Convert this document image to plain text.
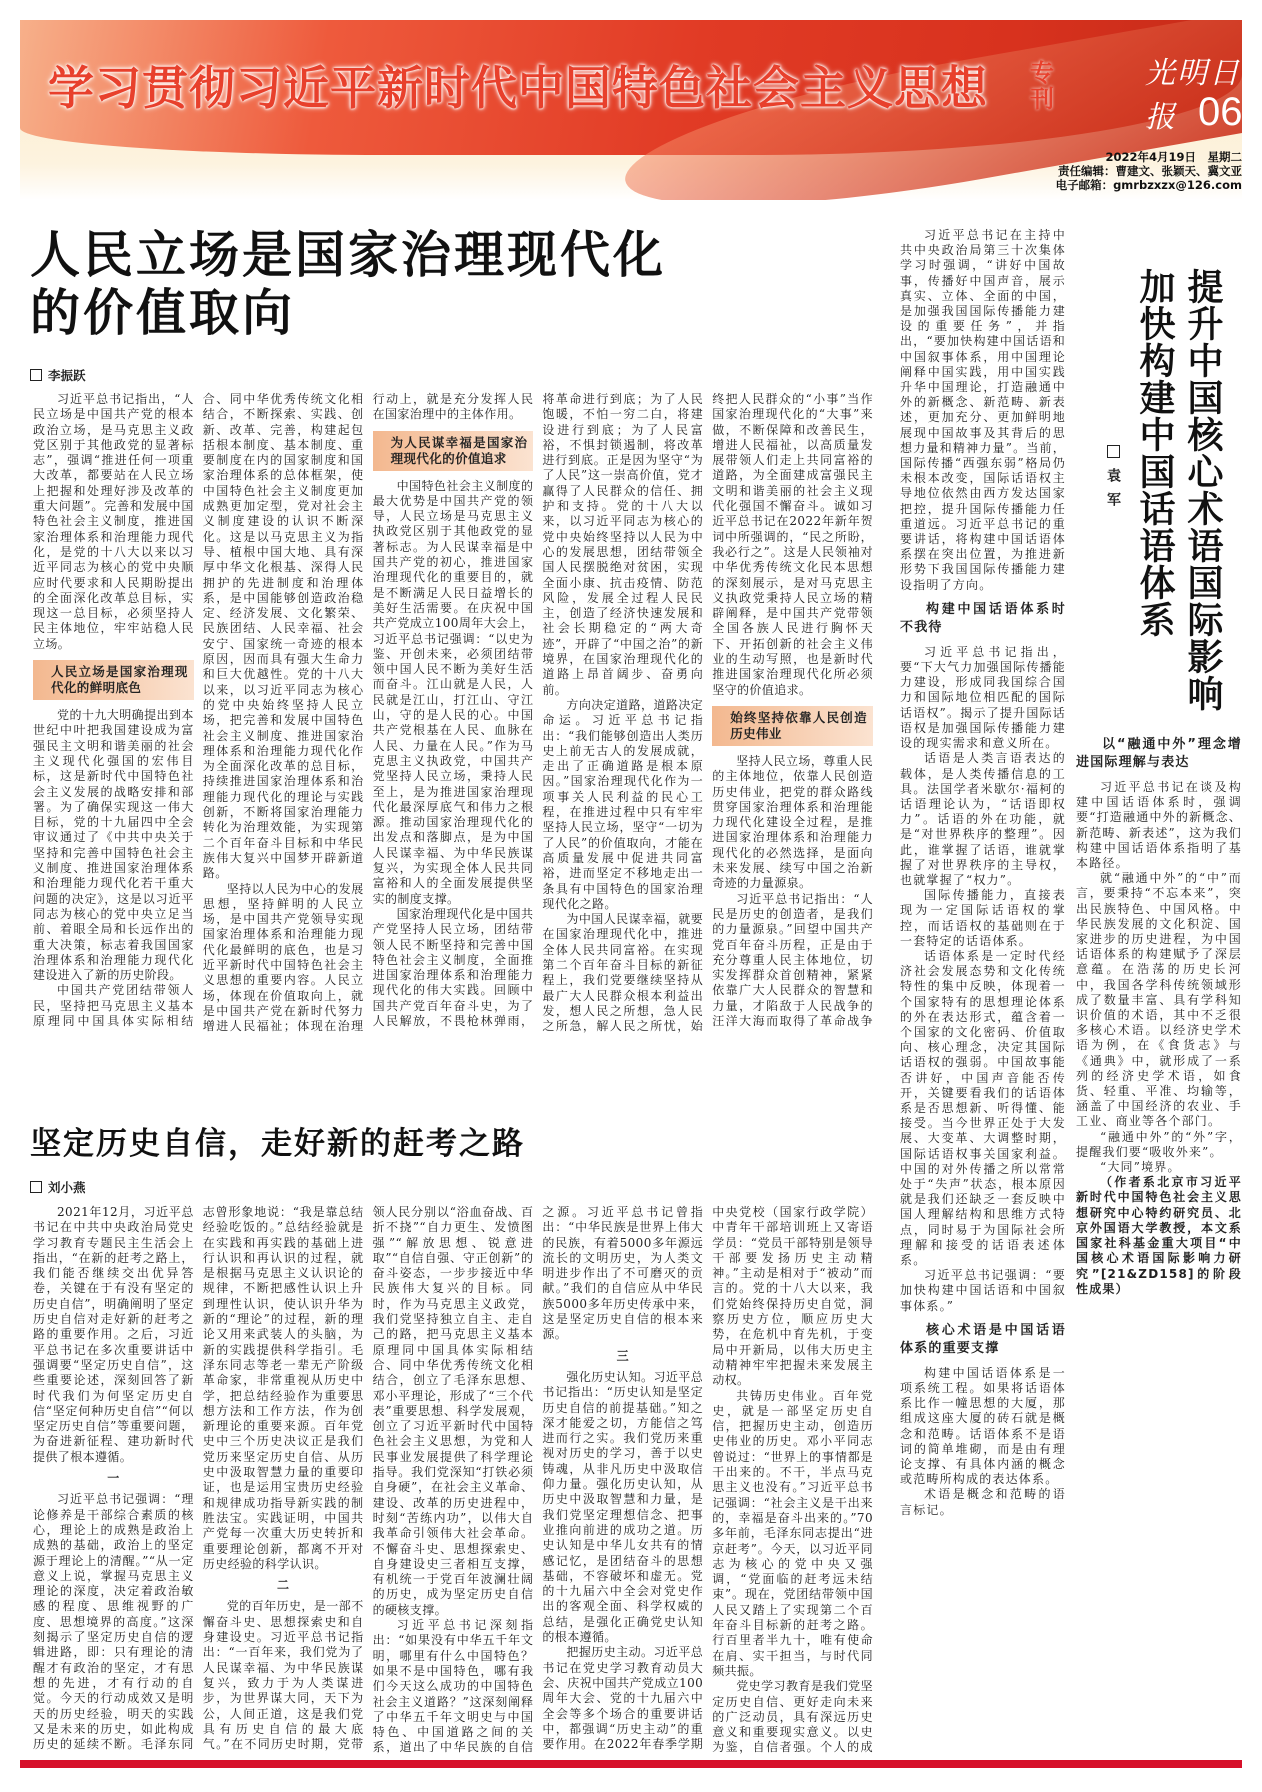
学习贯彻习近平新时代中国特色社会主义思想 专刊
光明日报 06
2022年4月19日　星期二
责任编辑：曹建文、张颖天、冀文亚
电子邮箱：gmrbzxzx@126.com
人民立场是国家治理现代化
的价值取向
李振跃

习近平总书记指出，“人民立场是中国共产党的根本政治立场，是马克思主义政党区别于其他政党的显著标志”，强调“推进任何一项重大改革，都要站在人民立场上把握和处理好涉及改革的重大问题”。完善和发展中国特色社会主义制度，推进国家治理体系和治理能力现代化，是党的十八大以来以习近平同志为核心的党中央顺应时代要求和人民期盼提出的全面深化改革总目标，实现这一总目标，必须坚持人民主体地位，牢牢站稳人民立场。

人民立场是国家治理现代化的鲜明底色

党的十九大明确提出到本世纪中叶把我国建设成为富强民主文明和谐美丽的社会主义现代化强国的宏伟目标，这是新时代中国特色社会主义发展的战略安排和部署。为了确保实现这一伟大目标，党的十九届四中全会审议通过了《中共中央关于坚持和完善中国特色社会主义制度、推进国家治理体系和治理能力现代化若干重大问题的决定》，这是以习近平同志为核心的党中央立足当前、着眼全局和长远作出的重大决策，标志着我国国家治理体系和治理能力现代化建设进入了新的历史阶段。

中国共产党团结带领人民，坚持把马克思主义基本原理同中国具体实际相结合、同中华优秀传统文化相结合，不断探索、实践、创新、改革、完善，构建起包括根本制度、基本制度、重要制度在内的国家制度和国家治理体系的总体框架，使中国特色社会主义制度更加成熟更加定型，党对社会主义制度建设的认识不断深化。这是以马克思主义为指导、植根中国大地、具有深厚中华文化根基、深得人民拥护的先进制度和治理体系，是中国能够创造政治稳定、经济发展、文化繁荣、民族团结、人民幸福、社会安宁、国家统一奇迹的根本原因，因而具有强大生命力和巨大优越性。党的十八大以来，以习近平同志为核心的党中央始终坚持人民立场，把完善和发展中国特色社会主义制度、推进国家治理体系和治理能力现代化作为全面深化改革的总目标，持续推进国家治理体系和治理能力现代化的理论与实践创新，不断将国家治理能力转化为治理效能，为实现第二个百年奋斗目标和中华民族伟大复兴中国梦开辟新道路。

坚持以人民为中心的发展思想，坚持鲜明的人民立场，是中国共产党领导实现国家治理体系和治理能力现代化最鲜明的底色，也是习近平新时代中国特色社会主义思想的重要内容。人民立场，体现在价值取向上，就是中国共产党在新时代努力增进人民福祉；体现在治理行动上，就是充分发挥人民在国家治理中的主体作用。

为人民谋幸福是国家治理现代化的价值追求

中国特色社会主义制度的最大优势是中国共产党的领导，人民立场是马克思主义执政党区别于其他政党的显著标志。为人民谋幸福是中国共产党的初心，推进国家治理现代化的重要目的，就是不断满足人民日益增长的美好生活需要。在庆祝中国共产党成立100周年大会上，习近平总书记强调：“以史为鉴、开创未来，必须团结带领中国人民不断为美好生活而奋斗。江山就是人民，人民就是江山，打江山、守江山，守的是人民的心。中国共产党根基在人民、血脉在人民、力量在人民。”作为马克思主义执政党，中国共产党坚持人民立场，秉持人民至上，是为推进国家治理现代化最深厚底气和伟力之根源。推动国家治理现代化的出发点和落脚点，是为中国人民谋幸福、为中华民族谋复兴，为实现全体人民共同富裕和人的全面发展提供坚实的制度支撑。

国家治理现代化是中国共产党坚持人民立场，团结带领人民不断坚持和完善中国特色社会主义制度，全面推进国家治理体系和治理能力现代化的伟大实践。回顾中国共产党百年奋斗史，为了人民解放，不畏枪林弹雨，将革命进行到底；为了人民饱暖，不怕一穷二白，将建设进行到底；为了人民富裕，不惧封锁遏制，将改革进行到底。正是因为坚守“为了人民”这一崇高价值，党才赢得了人民群众的信任、拥护和支持。党的十八大以来，以习近平同志为核心的党中央始终坚持以人民为中心的发展思想，团结带领全国人民摆脱绝对贫困，实现全面小康、抗击疫情、防范风险，发展全过程人民民主，创造了经济快速发展和社会长期稳定的“两大奇迹”，开辟了“中国之治”的新境界，在国家治理现代化的道路上昂首阔步、奋勇向前。

方向决定道路，道路决定命运。习近平总书记指出：“我们能够创造出人类历史上前无古人的发展成就，走出了正确道路是根本原因。”国家治理现代化作为一项事关人民利益的民心工程，在推进过程中只有牢牢坚持人民立场，坚守“一切为了人民”的价值取向，才能在高质量发展中促进共同富裕，进而坚定不移地走出一条具有中国特色的国家治理现代化之路。

为中国人民谋幸福，就要在国家治理现代化中，推进全体人民共同富裕。在实现第二个百年奋斗目标的新征程上，我们党要继续坚持从最广大人民群众根本利益出发，想人民之所想，急人民之所急，解人民之所忧，始终把人民群众的“小事”当作国家治理现代化的“大事”来做，不断保障和改善民生，增进人民福祉，以高质量发展带领人们走上共同富裕的道路，为全面建成富强民主文明和谐美丽的社会主义现代化强国不懈奋斗。诚如习近平总书记在2022年新年贺词中所强调的，“民之所盼，我必行之”。这是人民领袖对中华优秀传统文化民本思想的深刻展示，是对马克思主义执政党秉持人民立场的精辟阐释，是中国共产党带领全国各族人民进行胸怀天下、开拓创新的社会主义伟业的生动写照，也是新时代推进国家治理现代化所必须坚守的价值追求。

始终坚持依靠人民创造历史伟业

坚持人民立场，尊重人民的主体地位，依靠人民创造历史伟业，把党的群众路线贯穿国家治理体系和治理能力现代化建设全过程，是推进国家治理体系和治理能力现代化的必然选择，是面向未来发展、续写中国之治新奇迹的力量源泉。

习近平总书记指出：“人民是历史的创造者，是我们的力量源泉。”回望中国共产党百年奋斗历程，正是由于充分尊重人民主体地位，切实发挥群众首创精神，紧紧依靠广大人民群众的智慧和力量，才陷敌于人民战争的汪洋大海而取得了革命战争

坚定历史自信，走好新的赶考之路
刘小燕

2021年12月，习近平总书记在中共中央政治局党史学习教育专题民主生活会上指出，“在新的赶考之路上，我们能否继续交出优异答卷，关键在于有没有坚定的历史自信”，明确阐明了坚定历史自信对走好新的赶考之路的重要作用。之后，习近平总书记在多次重要讲话中强调要“坚定历史自信”，这些重要论述，深刻回答了新时代我们为何坚定历史自信“坚定何种历史自信”“何以坚定历史自信”等重要问题，为奋进新征程、建功新时代提供了根本遵循。

一

习近平总书记强调：“理论修养是干部综合素质的核心，理论上的成熟是政治上成熟的基础，政治上的坚定源于理论上的清醒。”“从一定意义上说，掌握马克思主义理论的深度，决定着政治敏感的程度、思维视野的广度、思想境界的高度。”这深刻揭示了坚定历史自信的逻辑进路，即：只有理论的清醒才有政治的坚定，才有思想的先进，才有行动的自觉。今天的行动成效又是明天的历史经验，明天的实践又是未来的历史，如此构成历史的延续不断。毛泽东同志曾形象地说：“我是靠总结经验吃饭的。”总结经验就是在实践和再实践的基础上进行认识和再认识的过程，就是根据马克思主义认识论的规律，不断把感性认识上升到理性认识，使认识升华为新的“理论”的过程，新的理论又用来武装人的头脑，为新的实践提供科学指引。毛泽东同志等老一辈无产阶级革命家，非常重视从历史中学，把总结经验作为重要思想方法和工作方法，作为创新理论的重要来源。百年党史中三个历史决议正是我们党历来坚定历史自信、从历史中汲取智慧力量的重要印证，也是运用宝贵历史经验和规律成功指导新实践的制胜法宝。实践证明，中国共产党每一次重大历史转折和重要理论创新，都离不开对历史经验的科学认识。

二

党的百年历史，是一部不懈奋斗史、思想探索史和自身建设史。习近平总书记指出：“一百年来，我们党为了人民谋幸福、为中华民族谋复兴，致力于为人类谋进步，为世界谋大同，天下为公，人间正道，这是我们党具有历史自信的最大底气。”在不同历史时期，党带领人民分别以“浴血奋战、百折不挠”“自力更生、发愤图强”“解放思想、锐意进取”“自信自强、守正创新”的奋斗姿态，一步步接近中华民族伟大复兴的目标。同时，作为马克思主义政党，我们党坚持独立自主、走自己的路，把马克思主义基本原理同中国具体实际相结合、同中华优秀传统文化相结合，创立了毛泽东思想、邓小平理论，形成了“三个代表”重要思想、科学发展观，创立了习近平新时代中国特色社会主义思想，为党和人民事业发展提供了科学理论指导。我们党深知“打铁必须自身硬”，在社会主义革命、建设、改革的历史进程中，时刻“苦练内功”，以伟大自我革命引领伟大社会革命。不懈奋斗史、思想探索史、自身建设史三者相互支撑，有机统一于党百年波澜壮阔的历史，成为坚定历史自信的硬核支撑。

习近平总书记深刻指出：“如果没有中华五千年文明，哪里有什么中国特色？如果不是中国特色，哪有我们今天这么成功的中国特色社会主义道路？”这深刻阐释了中华五千年文明史与中国特色、中国道路之间的关系，道出了中华民族的自信之源。习近平总书记曾指出：“中华民族是世界上伟大的民族，有着5000多年源远流长的文明历史，为人类文明进步作出了不可磨灭的贡献。”我们的自信应从中华民族5000多年历史传承中来，这是坚定历史自信的根本来源。

三

强化历史认知。习近平总书记指出：“历史认知是坚定历史自信的前提基础。”知之深才能爱之切，方能信之笃进而行之实。我们党历来重视对历史的学习，善于以史铸魂，从非凡历史中汲取信仰力量。强化历史认知，从历史中汲取智慧和力量，是我们党坚定理想信念、把事业推向前进的成功之道。历史认知是中华儿女共有的情感记忆，是团结奋斗的思想基础，不容破坏和虚无。党的十九届六中全会对党史作出的客观全面、科学权威的总结，是强化正确党史认知的根本遵循。

把握历史主动。习近平总书记在党史学习教育动员大会、庆祝中国共产党成立100周年大会、党的十九届六中全会等多个场合的重要讲话中，都强调“历史主动”的重要作用。在2022年春季学期中央党校（国家行政学院）中青年干部培训班上又寄语学员：“党员干部特别是领导干部要发扬历史主动精神。”主动是相对于“被动”而言的。党的十八大以来，我们党始终保持历史自觉，洞察历史方位，顺应历史大势，在危机中育先机，于变局中开新局，以伟大历史主动精神牢牢把握未来发展主动权。

共铸历史伟业。百年党史，就是一部坚定历史自信，把握历史主动，创造历史伟业的历史。邓小平同志曾说过：“世界上的事情都是干出来的。不干，半点马克思主义也没有。”习近平总书记强调：“社会主义是干出来的，幸福是奋斗出来的。”70多年前，毛泽东同志提出“进京赶考”。今天，以习近平同志为核心的党中央又强调，“党面临的赶考远未结束”。现在，党团结带领中国人民又踏上了实现第二个百年奋斗目标新的赶考之路。行百里者半九十，唯有使命在肩、实干担当，与时代同频共振。

党史学习教育是我们党坚定历史自信、更好走向未来的广泛动员，具有深远历史意义和重要现实意义。以史为鉴，自信者强。个人的成

提升中国核心术语国际影响
加快构建中国话语体系
袁军

习近平总书记在主持中共中央政治局第三十次集体学习时强调，“讲好中国故事，传播好中国声音，展示真实、立体、全面的中国，是加强我国国际传播能力建设的重要任务”，并指出，“要加快构建中国话语和中国叙事体系，用中国理论阐释中国实践，用中国实践升华中国理论，打造融通中外的新概念、新范畴、新表述，更加充分、更加鲜明地展现中国故事及其背后的思想力量和精神力量”。当前，国际传播“西强东弱”格局仍未根本改变，国际话语权主导地位依然由西方发达国家把控，提升国际传播能力任重道远。习近平总书记的重要讲话，将构建中国话语体系摆在突出位置，为推进新形势下我国国际传播能力建设指明了方向。

构建中国话语体系时不我待

习近平总书记指出，要“下大气力加强国际传播能力建设，形成同我国综合国力和国际地位相匹配的国际话语权”。揭示了提升国际话语权是加强国际传播能力建设的现实需求和意义所在。

话语是人类言语表达的载体，是人类传播信息的工具。法国学者米歇尔·福柯的话语理论认为，“话语即权力”。话语的外在功能，就是“对世界秩序的整理”。因此，谁掌握了话语，谁就掌握了对世界秩序的主导权，也就掌握了“权力”。

国际传播能力，直接表现为一定国际话语权的掌控，而话语权的基础则在于一套特定的话语体系。

话语体系是一定时代经济社会发展态势和文化传统特性的集中反映，体现着一个国家特有的思想理论体系的外在表达形式，蕴含着一个国家的文化密码、价值取向、核心理念，决定其国际话语权的强弱。中国故事能否讲好，中国声音能否传开，关键要看我们的话语体系是否思想新、听得懂、能接受。当今世界正处于大发展、大变革、大调整时期，国际话语权事关国家利益。中国的对外传播之所以常常处于“失声”状态，根本原因就是我们还缺乏一套反映中国人理解结构和思维方式特点，同时易于为国际社会所理解和接受的话语表述体系。

习近平总书记强调：“要加快构建中国话语和中国叙事体系。”

核心术语是中国话语体系的重要支撑

构建中国话语体系是一项系统工程。如果将话语体系比作一幢思想的大厦，那组成这座大厦的砖石就是概念和范畴。话语体系不是语词的简单堆砌，而是由有理论支撑、有具体内涵的概念或范畴所构成的表达体系。

术语是概念和范畴的语言标记。

以“融通中外”理念增进国际理解与表达

习近平总书记在谈及构建中国话语体系时，强调要“打造融通中外的新概念、新范畴、新表述”，这为我们构建中国话语体系指明了基本路径。

就“融通中外”的“中”而言，要秉持“不忘本来”，突出民族特色、中国风格。中华民族发展的文化积淀、国家进步的历史进程，为中国话语体系的构建赋予了深层意蕴。在浩荡的历史长河中，我国各学科传统领域形成了数量丰富、具有学科知识价值的术语，其中不乏很多核心术语。以经济史学术语为例，在《食货志》与《通典》中，就形成了一系列的经济史学术语，如食货、轻重、平准、均输等，涵盖了中国经济的农业、手工业、商业等各个部门。

“融通中外”的“外”字，提醒我们要“吸收外来”。

“大同”境界。

（作者系北京市习近平新时代中国特色社会主义思想研究中心特约研究员、北京外国语大学教授，本文系国家社科基金重大项目“中国核心术语国际影响力研究”[21&ZD158]的阶段性成果）
